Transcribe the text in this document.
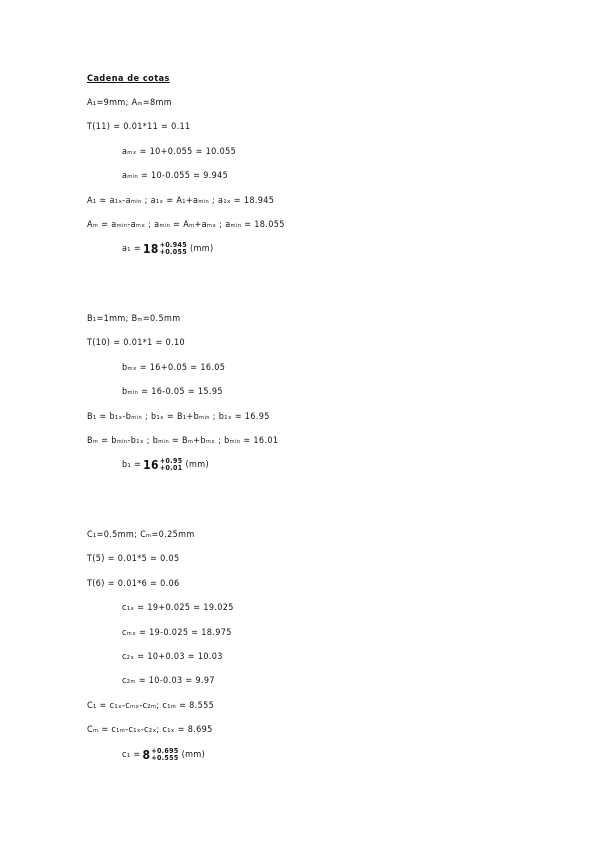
Cadena de cotas
A₁=9mm; Aₘ=8mm
T(11) = 0.01*11 = 0.11
aₘₓ = 10+0.055 = 10.055
aₘᵢₙ = 10-0.055 = 9.945
A₁ = a₁ₓ-aₘᵢₙ ; a₁ₓ = A₁+aₘᵢₙ ; a₁ₓ = 18.945
Aₘ = aₘᵢₙ-aₘₓ ; aₘᵢₙ = Aₘ+aₘₓ ; aₘᵢₙ = 18.055
a₁ = 18 +0.945
+0.055 (mm)
B₁=1mm; Bₘ=0.5mm
T(10) = 0.01*1 = 0.10
bₘₓ = 16+0.05 = 16.05
bₘᵢₙ = 16-0.05 = 15.95
B₁ = b₁ₓ-bₘᵢₙ ; b₁ₓ = B₁+bₘᵢₙ ; b₁ₓ = 16.95
Bₘ = bₘᵢₙ-b₁ₓ ; bₘᵢₙ = Bₘ+bₘₓ ; bₘᵢₙ = 16.01
b₁ = 16 +0.95
+0.01 (mm)
C₁=0.5mm; Cₘ=0.25mm
T(5) = 0.01*5 = 0.05
T(6) = 0.01*6 = 0.06
c₁ₓ = 19+0.025 = 19.025
cₘₓ = 19-0.025 = 18.975
c₂ₓ = 10+0.03 = 10.03
c₂ₘ = 10-0.03 = 9.97
C₁ = c₁ₓ-cₘₓ-c₂ₘ; c₁ₘ = 8.555
Cₘ = c₁ₘ-c₁ₓ-c₂ₓ; c₁ₓ = 8.695
c₁ = 8 +0.695
+0.555 (mm)
